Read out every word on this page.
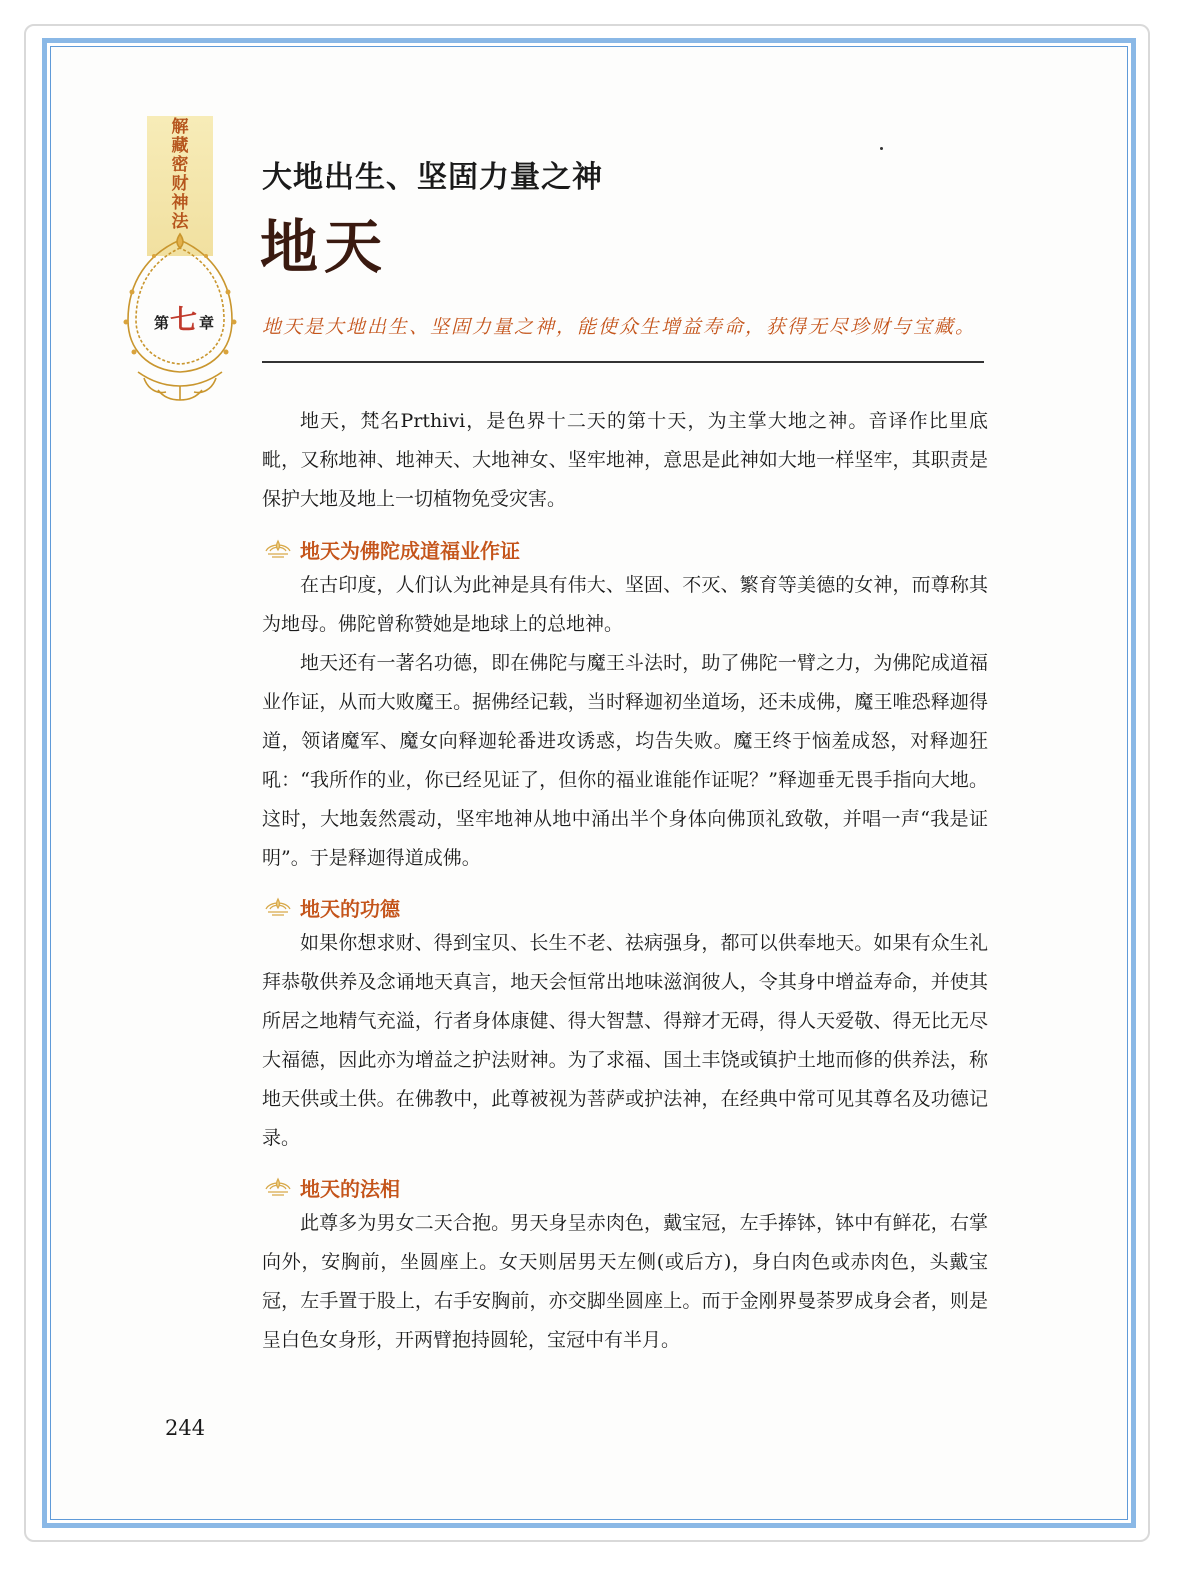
解藏密财神法
第 七 章
大地出生、坚固力量之神
地天
地天是大地出生、坚固力量之神，能使众生增益寿命，获得无尽珍财与宝藏。

地天，梵名Prthivi，是色界十二天的第十天，为主掌大地之神。音译作比里底毗，又称地神、地神天、大地神女、坚牢地神，意思是此神如大地一样坚牢，其职责是保护大地及地上一切植物免受灾害。

地天为佛陀成道福业作证

在古印度，人们认为此神是具有伟大、坚固、不灭、繁育等美德的女神，而尊称其为地母。佛陀曾称赞她是地球上的总地神。

地天还有一著名功德，即在佛陀与魔王斗法时，助了佛陀一臂之力，为佛陀成道福业作证，从而大败魔王。据佛经记载，当时释迦初坐道场，还未成佛，魔王唯恐释迦得道，领诸魔军、魔女向释迦轮番进攻诱惑，均告失败。魔王终于恼羞成怒，对释迦狂吼：“我所作的业，你已经见证了，但你的福业谁能作证呢？”释迦垂无畏手指向大地。这时，大地轰然震动，坚牢地神从地中涌出半个身体向佛顶礼致敬，并唱一声“我是证明”。于是释迦得道成佛。

地天的功德

如果你想求财、得到宝贝、长生不老、祛病强身，都可以供奉地天。如果有众生礼拜恭敬供养及念诵地天真言，地天会恒常出地味滋润彼人，令其身中增益寿命，并使其所居之地精气充溢，行者身体康健、得大智慧、得辩才无碍，得人天爱敬、得无比无尽大福德，因此亦为增益之护法财神。为了求福、国土丰饶或镇护土地而修的供养法，称地天供或土供。在佛教中，此尊被视为菩萨或护法神，在经典中常可见其尊名及功德记录。

地天的法相

此尊多为男女二天合抱。男天身呈赤肉色，戴宝冠，左手捧钵，钵中有鲜花，右掌向外，安胸前，坐圆座上。女天则居男天左侧(或后方)，身白肉色或赤肉色，头戴宝冠，左手置于股上，右手安胸前，亦交脚坐圆座上。而于金刚界曼荼罗成身会者，则是呈白色女身形，开两臂抱持圆轮，宝冠中有半月。

244
